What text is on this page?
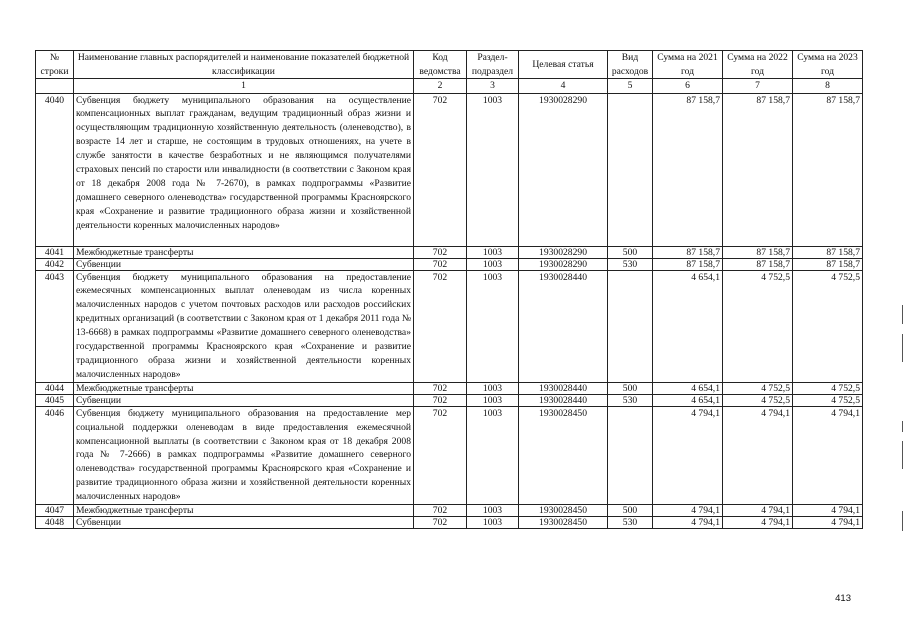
№ строки	Наименование главных распорядителей и наименование показателей бюджетной классификации	Код ведомства	Раздел-подраздел	Целевая статья	Вид расходов	Сумма на 2021 год	Сумма на 2022 год	Сумма на 2023 год
	1	2	3	4	5	6	7	8
4040	Субвенция бюджету муниципального образования на осуществление компенсационных выплат гражданам, ведущим традиционный образ жизни и осуществляющим традиционную хозяйственную деятельность (оленеводство), в возрасте 14 лет и старше, не состоящим в трудовых отношениях, на учете в службе занятости в качестве безработных и не являющимся получателями страховых пенсий по старости или инвалидности (в соответствии с Законом края от 18 декабря 2008 года № 7-2670), в рамках подпрограммы «Развитие домашнего северного оленеводства» государственной программы Красноярского края «Сохранение и развитие традиционного образа жизни и хозяйственной деятельности коренных малочисленных народов»	702	1003	1930028290		87 158,7	87 158,7	87 158,7
4041	Межбюджетные трансферты	702	1003	1930028290	500	87 158,7	87 158,7	87 158,7
4042	Субвенции	702	1003	1930028290	530	87 158,7	87 158,7	87 158,7
4043	Субвенция бюджету муниципального образования на предоставление ежемесячных компенсационных выплат оленеводам из числа коренных малочисленных народов с учетом почтовых расходов или расходов российских кредитных организаций (в соответствии с Законом края от 1 декабря 2011 года № 13-6668) в рамках подпрограммы «Развитие домашнего северного оленеводства» государственной программы Красноярского края «Сохранение и развитие традиционного образа жизни и хозяйственной деятельности коренных малочисленных народов»	702	1003	1930028440		4 654,1	4 752,5	4 752,5
4044	Межбюджетные трансферты	702	1003	1930028440	500	4 654,1	4 752,5	4 752,5
4045	Субвенции	702	1003	1930028440	530	4 654,1	4 752,5	4 752,5
4046	Субвенция бюджету муниципального образования на предоставление мер социальной поддержки оленеводам в виде предоставления ежемесячной компенсационной выплаты (в соответствии с Законом края от 18 декабря 2008 года № 7-2666) в рамках подпрограммы «Развитие домашнего северного оленеводства» государственной программы Красноярского края «Сохранение и развитие традиционного образа жизни и хозяйственной деятельности коренных малочисленных народов»	702	1003	1930028450		4 794,1	4 794,1	4 794,1
4047	Межбюджетные трансферты	702	1003	1930028450	500	4 794,1	4 794,1	4 794,1
4048	Субвенции	702	1003	1930028450	530	4 794,1	4 794,1	4 794,1
413
